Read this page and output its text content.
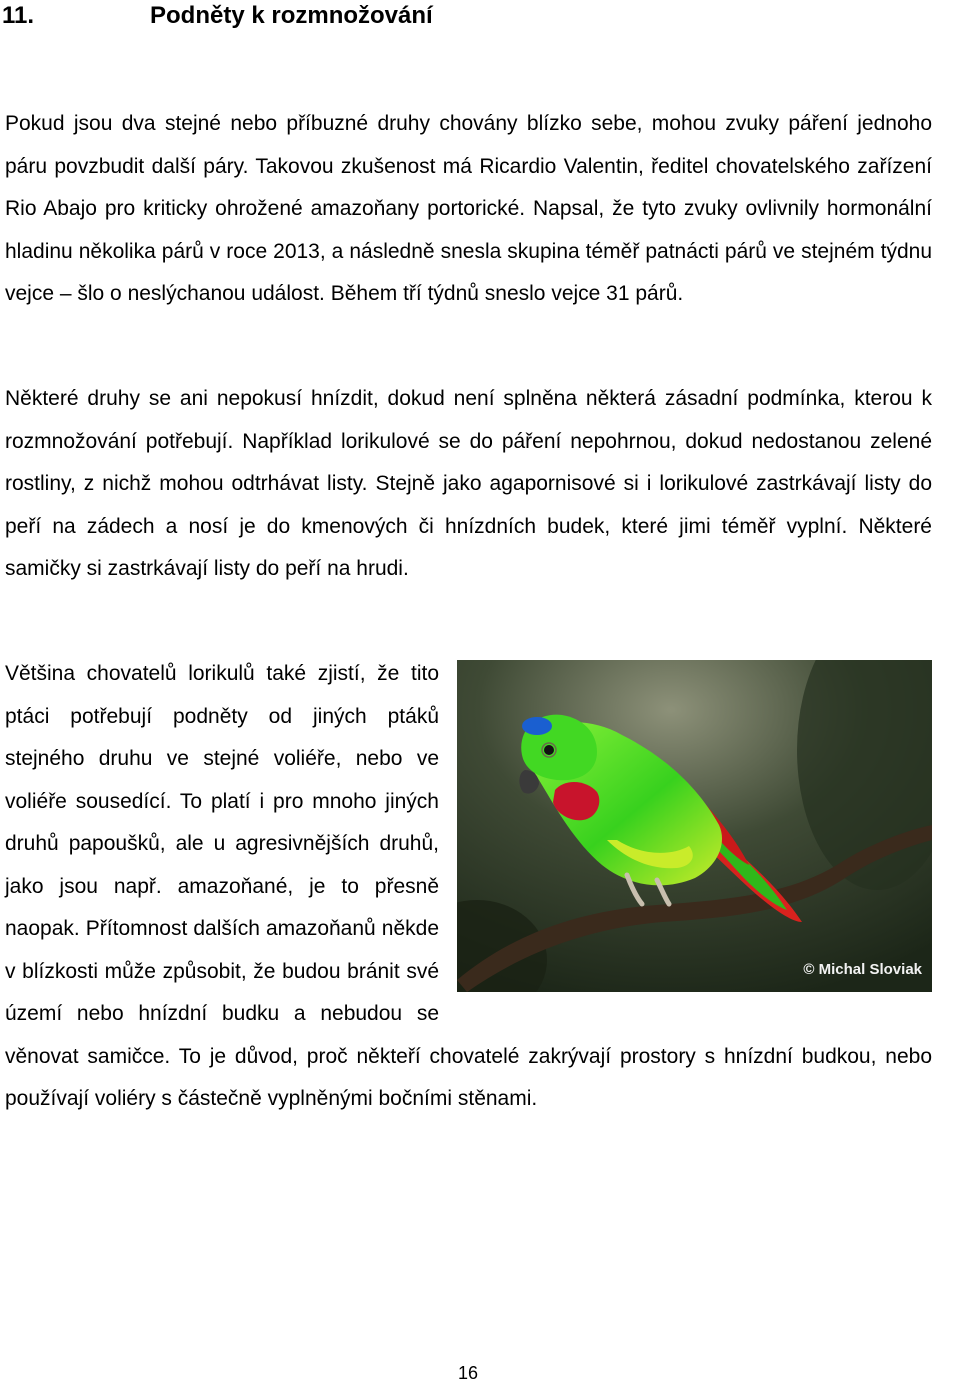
11.	Podněty k rozmnožování

Pokud jsou dva stejné nebo příbuzné druhy chovány blízko sebe, mohou zvuky páření jednoho páru povzbudit další páry. Takovou zkušenost má Ricardio Valentin, ředitel chovatelského zařízení Rio Abajo pro kriticky ohrožené amazoňany portorické. Napsal, že tyto zvuky ovlivnily hormonální hladinu několika párů v roce 2013, a následně snesla skupina téměř patnácti párů ve stejném týdnu vejce – šlo o neslýchanou událost. Během tří týdnů sneslo vejce 31 párů.

Některé druhy se ani nepokusí hnízdit, dokud není splněna některá zásadní podmínka, kterou k rozmnožování potřebují. Například lorikulové se do páření nepohrnou, dokud nedostanou zelené rostliny, z nichž mohou odtrhávat listy. Stejně jako agapornisové si i lorikulové zastrkávají listy do peří na zádech a nosí je do kmenových či hnízdních budek, které jimi téměř vyplní. Některé samičky si zastrkávají listy do peří na hrudi.

© Michal Sloviak
Většina chovatelů lorikulů také zjistí, že tito ptáci potřebují podněty od jiných ptáků stejného druhu ve stejné voliéře, nebo ve voliéře sousedící. To platí i pro mnoho jiných druhů papoušků, ale u agresivnějších druhů, jako jsou např. amazoňané, je to přesně naopak. Přítomnost dalších amazoňanů někde v blízkosti může způsobit, že budou bránit své území nebo hnízdní budku a nebudou se věnovat samičce. To je důvod, proč někteří chovatelé zakrývají prostory s hnízdní budkou, nebo používají voliéry s částečně vyplněnými bočními stěnami.
16
